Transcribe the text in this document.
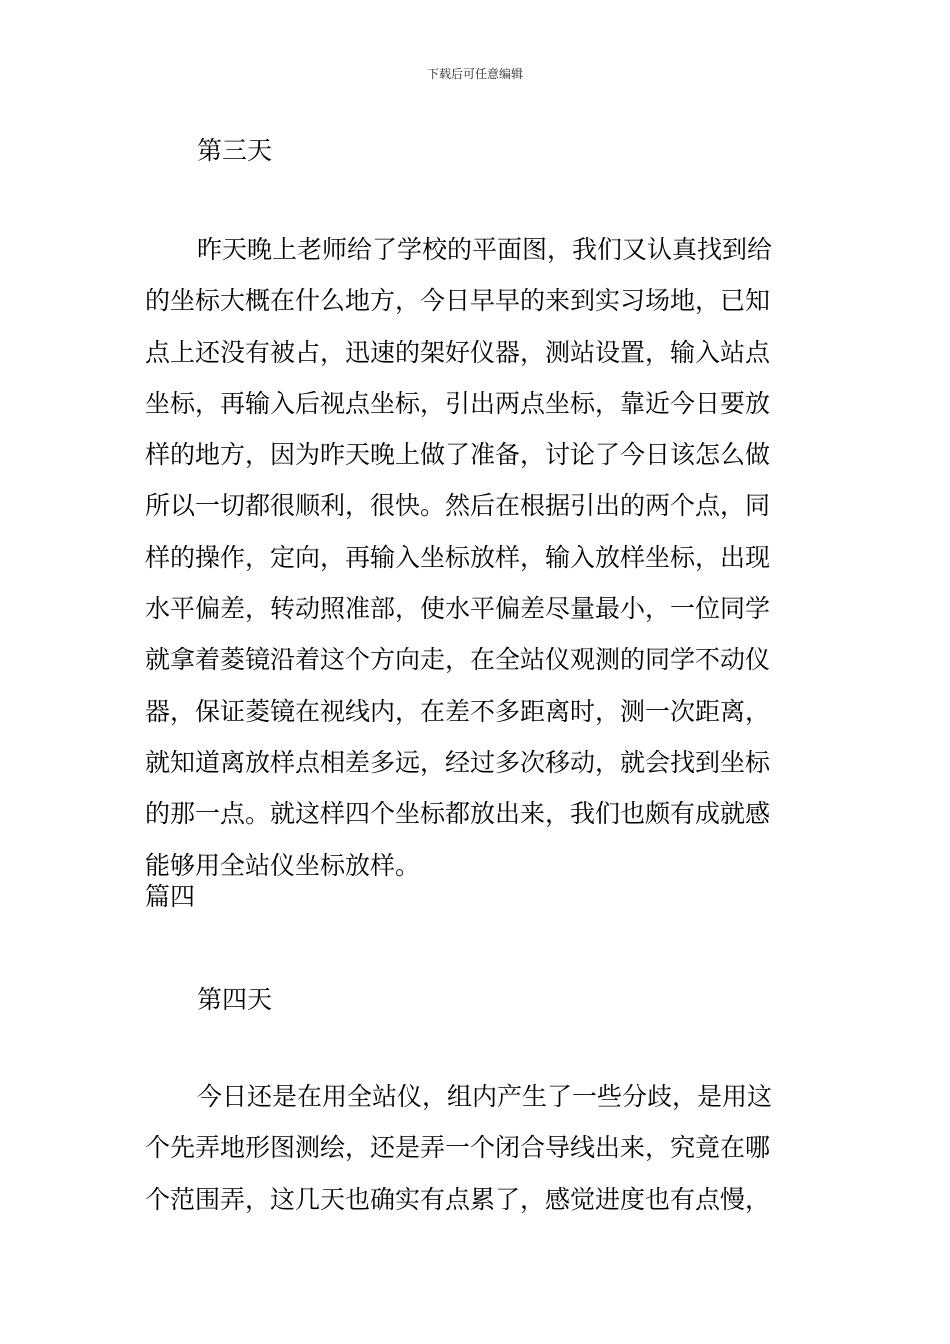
下载后可任意编辑
第三天
昨天晚上老师给了学校的平面图，我们又认真找到给
的坐标大概在什么地方，今日早早的来到实习场地，已知
点上还没有被占，迅速的架好仪器，测站设置，输入站点
坐标，再输入后视点坐标，引出两点坐标，靠近今日要放
样的地方，因为昨天晚上做了准备，讨论了今日该怎么做
所以一切都很顺利，很快。然后在根据引出的两个点，同
样的操作，定向，再输入坐标放样，输入放样坐标，出现
水平偏差，转动照准部，使水平偏差尽量最小，一位同学
就拿着菱镜沿着这个方向走，在全站仪观测的同学不动仪
器，保证菱镜在视线内，在差不多距离时，测一次距离，
就知道离放样点相差多远，经过多次移动，就会找到坐标
的那一点。就这样四个坐标都放出来，我们也颇有成就感
能够用全站仪坐标放样。
篇四
第四天
今日还是在用全站仪，组内产生了一些分歧，是用这
个先弄地形图测绘，还是弄一个闭合导线出来，究竟在哪
个范围弄，这几天也确实有点累了，感觉进度也有点慢，
